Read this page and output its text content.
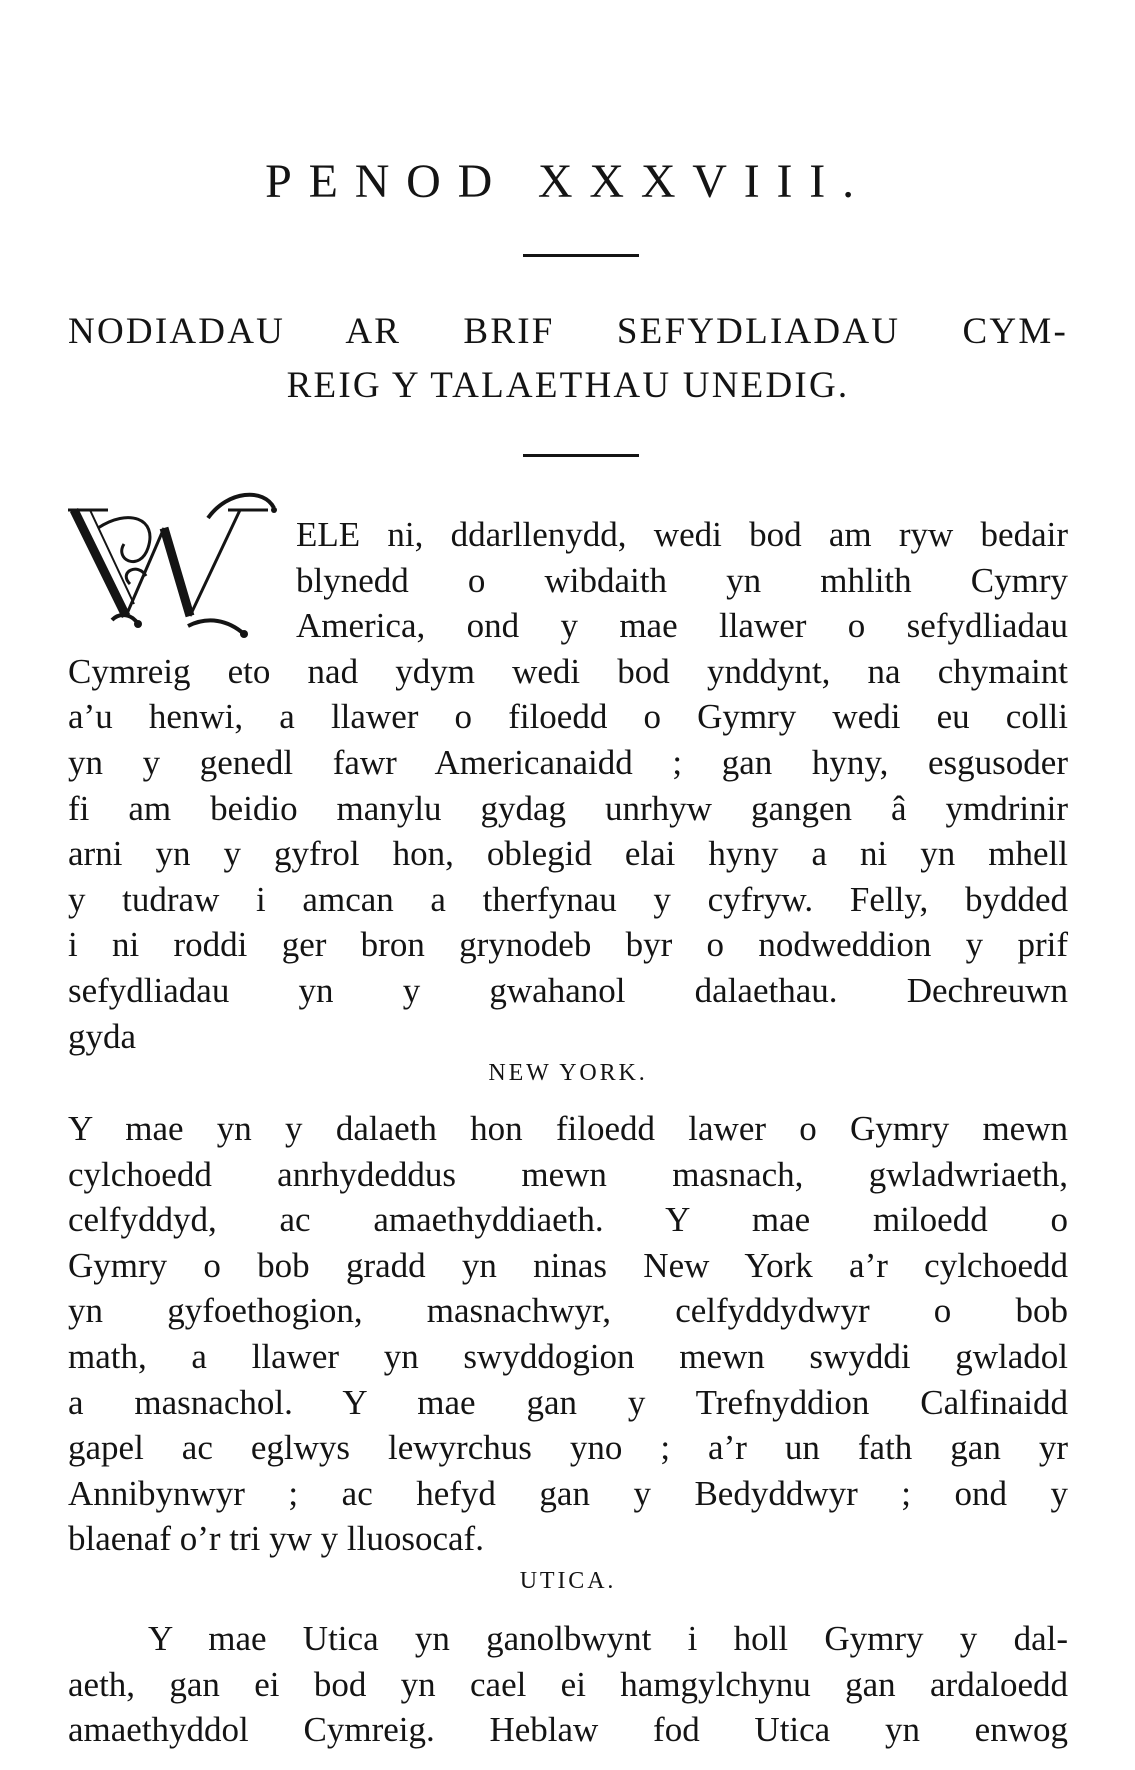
PENOD XXXVIII.
NODIADAU AR BRIF SEFYDLIADAU CYM-
REIG Y TALAETHAU UNEDIG.
W
ELE ni, ddarllenydd, wedi bod am ryw bedair
blynedd o wibdaith yn mhlith Cymry
America, ond y mae llawer o sefydliadau
Cymreig eto nad ydym wedi bod ynddynt, na chymaint
a’u henwi, a llawer o filoedd o Gymry wedi eu colli
yn y genedl fawr Americanaidd ; gan hyny, esgusoder
fi am beidio manylu gydag unrhyw gangen â ymdrinir
arni yn y gyfrol hon, oblegid elai hyny a ni yn mhell
y tudraw i amcan a therfynau y cyfryw. Felly, bydded
i ni roddi ger bron grynodeb byr o nodweddion y prif
sefydliadau yn y gwahanol dalaethau. Dechreuwn
gyda
NEW YORK.
Y mae yn y dalaeth hon filoedd lawer o Gymry mewn
cylchoedd anrhydeddus mewn masnach, gwladwriaeth,
celfyddyd, ac amaethyddiaeth. Y mae miloedd o
Gymry o bob gradd yn ninas New York a’r cylchoedd
yn gyfoethogion, masnachwyr, celfyddydwyr o bob
math, a llawer yn swyddogion mewn swyddi gwladol
a masnachol. Y mae gan y Trefnyddion Calfinaidd
gapel ac eglwys lewyrchus yno ; a’r un fath gan yr
Annibynwyr ; ac hefyd gan y Bedyddwyr ; ond y
blaenaf o’r tri yw y lluosocaf.
UTICA.
Y mae Utica yn ganolbwynt i holl Gymry y dal-
aeth, gan ei bod yn cael ei hamgylchynu gan ardaloedd
amaethyddol Cymreig. Heblaw fod Utica yn enwog
